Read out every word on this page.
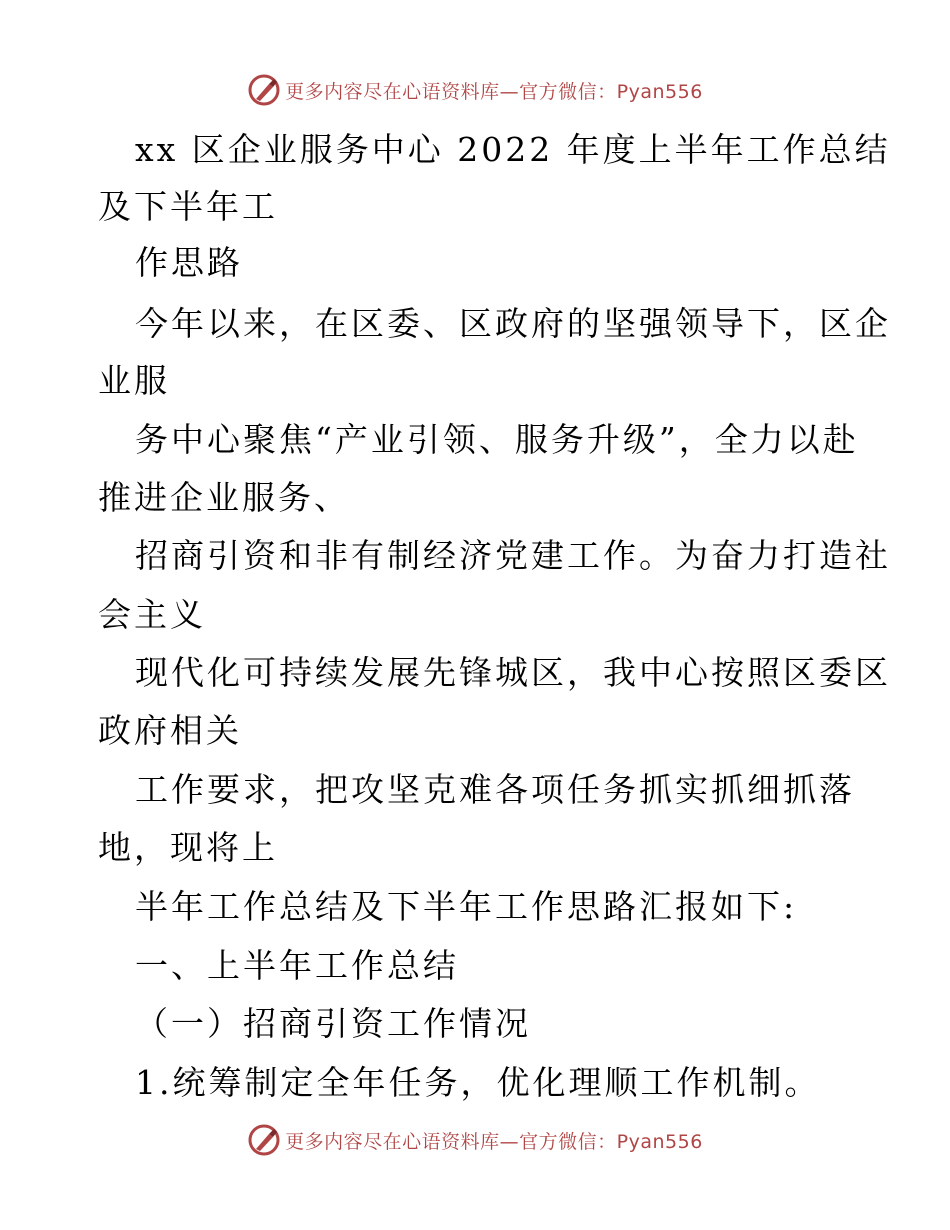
更多内容尽在心语资料库—官方微信：Pyan556
xx 区企业服务中心 2022 年度上半年工作总结
及下半年工
作思路
今年以来，在区委、区政府的坚强领导下，区企
业服
务中心聚焦“产业引领、服务升级”，全力以赴
推进企业服务、
招商引资和非有制经济党建工作。为奋力打造社
会主义
现代化可持续发展先锋城区，我中心按照区委区
政府相关
工作要求，把攻坚克难各项任务抓实抓细抓落
地，现将上
半年工作总结及下半年工作思路汇报如下:
一、上半年工作总结
（一）招商引资工作情况
1.统筹制定全年任务，优化理顺工作机制。
更多内容尽在心语资料库—官方微信：Pyan556
